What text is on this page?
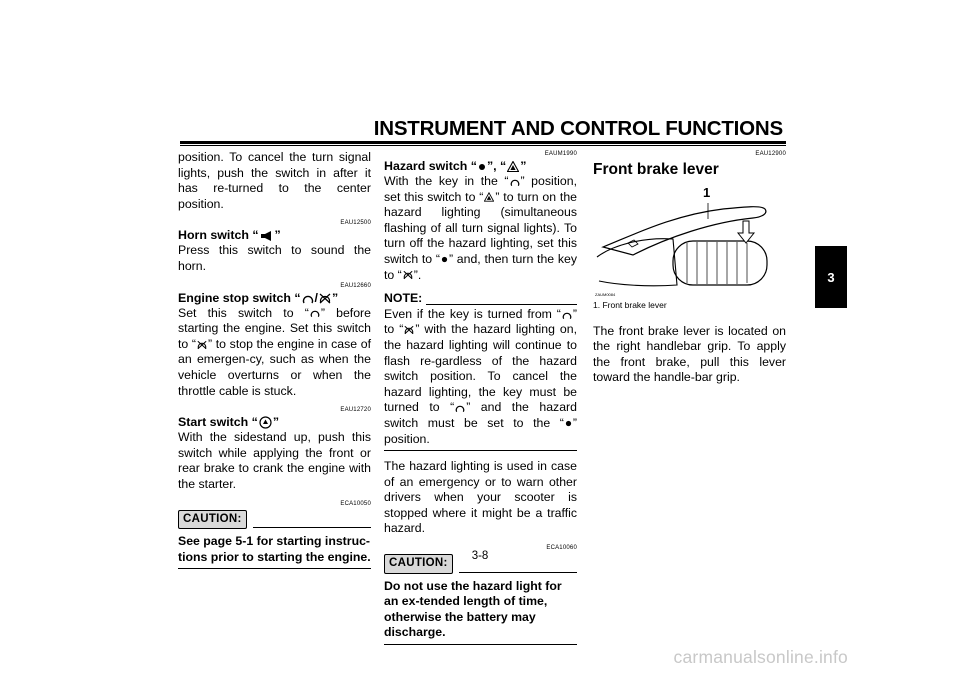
INSTRUMENT AND CONTROL FUNCTIONS
3

position. To cancel the turn signal lights, push the switch in after it has re-turned to the center position.

EAU12500
Horn switch “ ”

Press this switch to sound the horn.

EAU12660
Engine stop switch “ / ”

Set this switch to “ ” before starting the engine. Set this switch to “ ” to stop the engine in case of an emergen-cy, such as when the vehicle overturns or when the throttle cable is stuck.

EAU12720
Start switch “ ”

With the sidestand up, push this switch while applying the front or rear brake to crank the engine with the starter.

ECA10050
CAUTION:
See page 5-1 for starting instruc-tions prior to starting the engine.
EAUM1990
Hazard switch “ ”, “ ”

With the key in the “ ” position, set this switch to “ ” to turn on the hazard lighting (simultaneous flashing of all turn signal lights). To turn off the hazard lighting, set this switch to “ ” and, then turn the key to “ ”.

NOTE:

Even if the key is turned from “ ” to “ ” with the hazard lighting on, the hazard lighting will continue to flash re-gardless of the hazard switch position. To cancel the hazard lighting, the key must be turned to “ ” and the hazard switch must be set to the “ ” position.

The hazard lighting is used in case of an emergency or to warn other drivers when your scooter is stopped where it might be a traffic hazard.

ECA10060
CAUTION:
Do not use the hazard light for an ex-tended length of time, otherwise the battery may discharge.
EAU12900
Front brake lever
1
ZAUM0084
1. Front brake lever

The front brake lever is located on the right handlebar grip. To apply the front brake, pull this lever toward the handle-bar grip.

3-8
carmanualsonline.info
